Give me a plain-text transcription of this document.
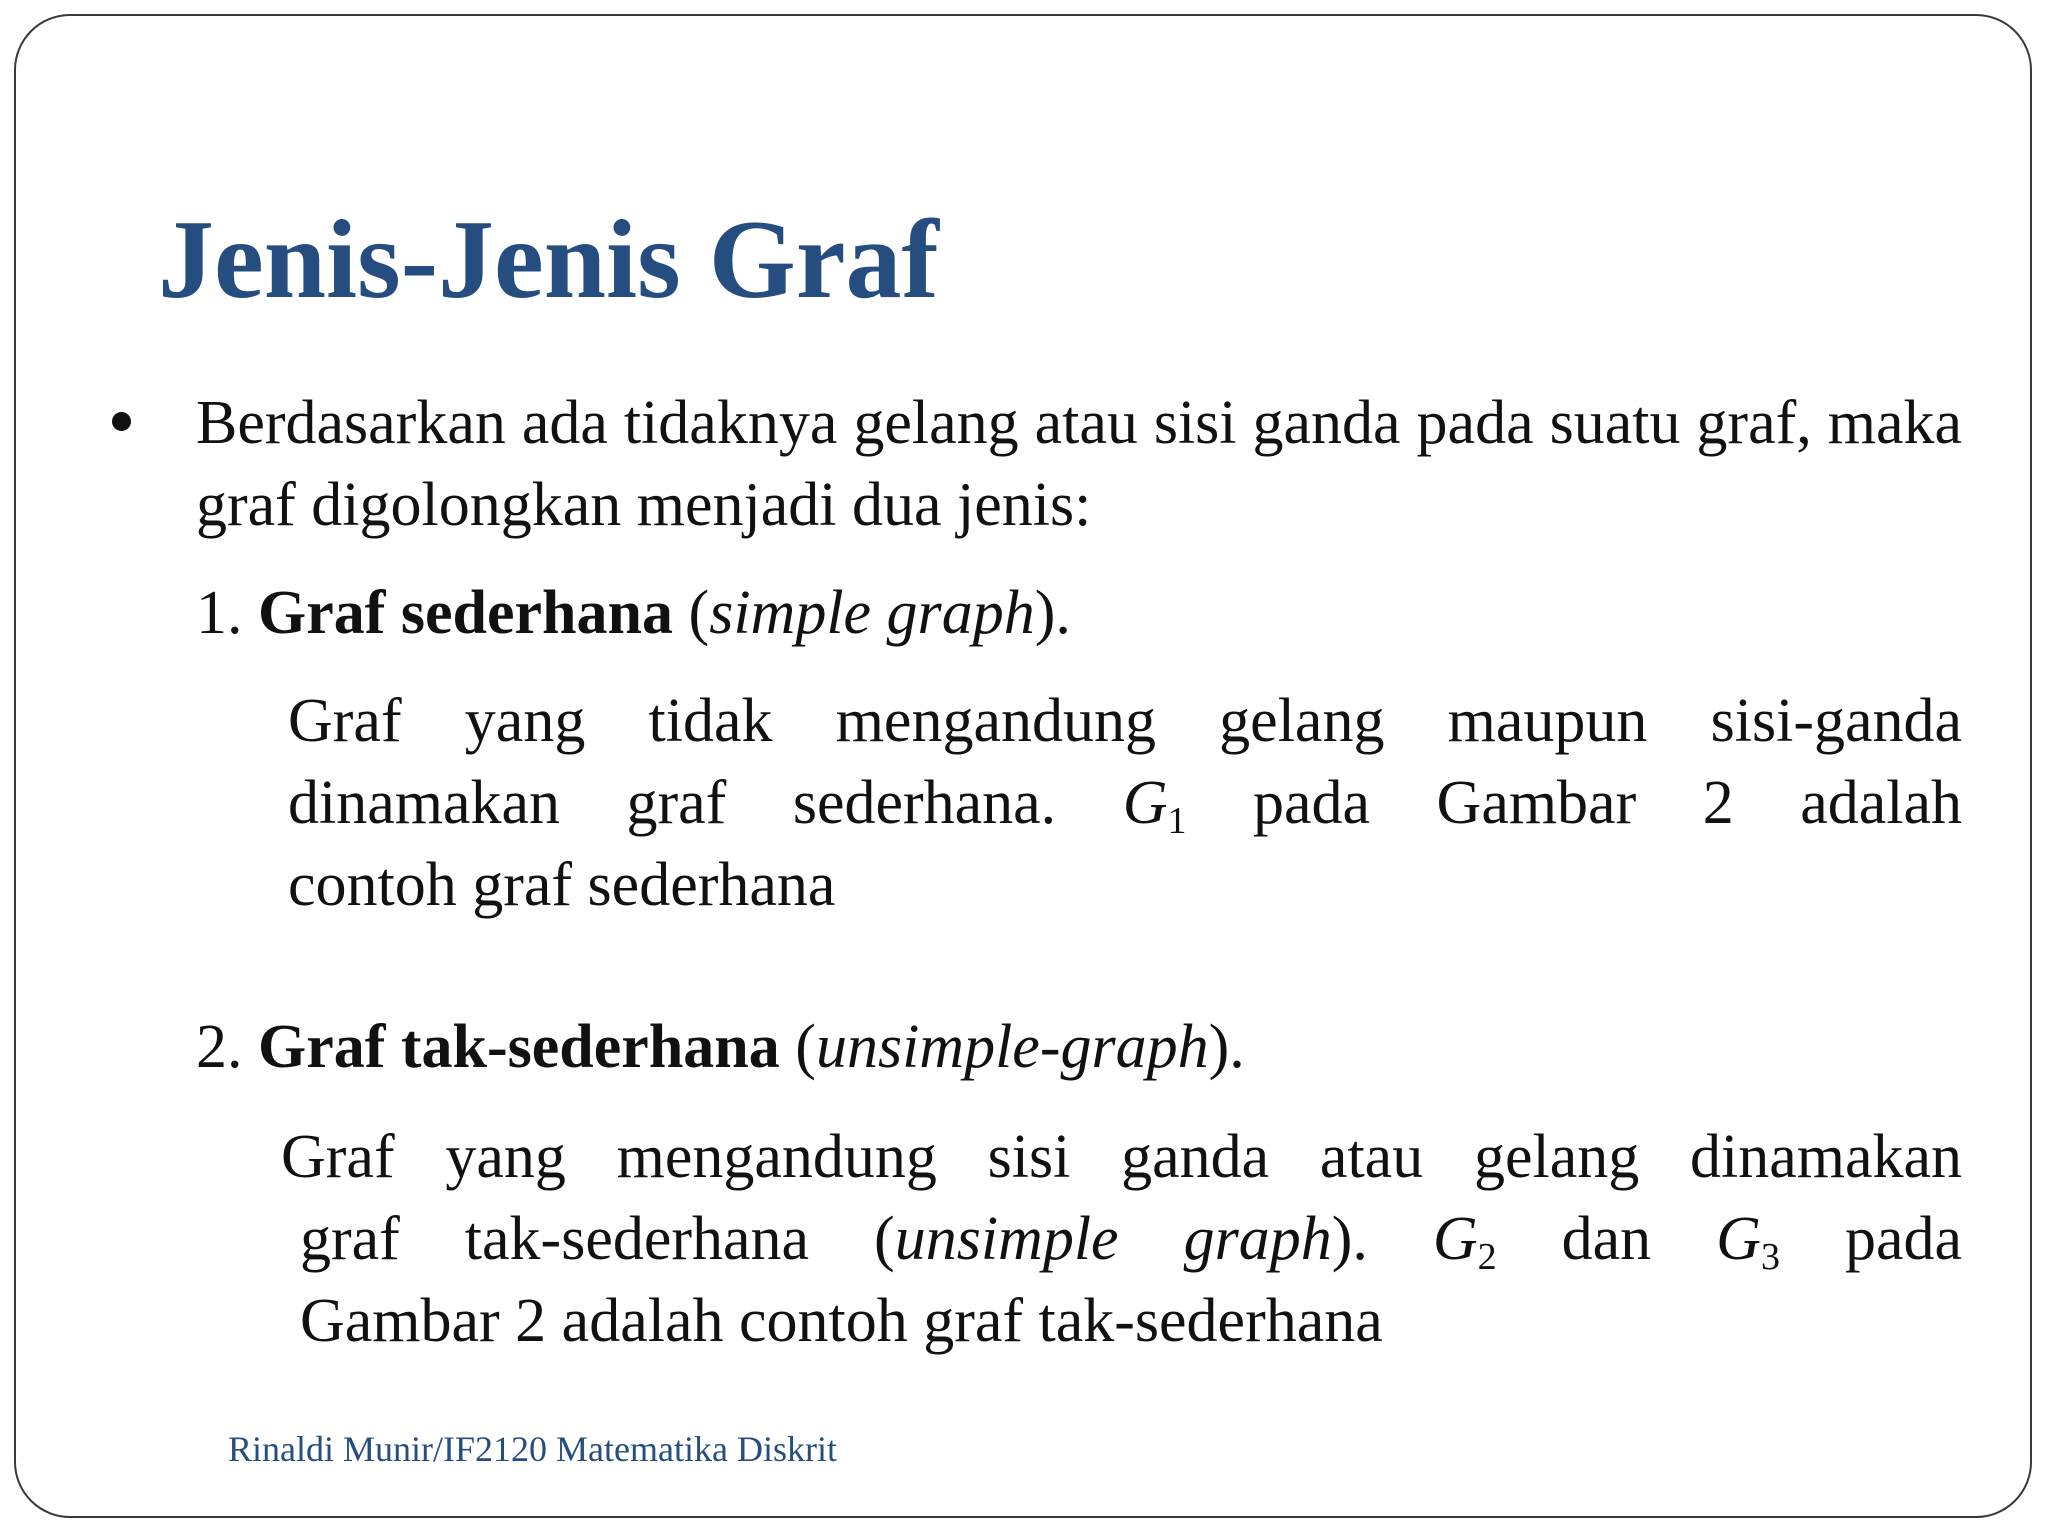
Jenis-Jenis Graf

Berdasarkan ada tidaknya gelang atau sisi ganda pada suatu graf, maka graf digolongkan menjadi dua jenis:

1. Graf sederhana (simple graph).

Graf yang tidak mengandung gelang maupun sisi-ganda
dinamakan graf sederhana. $G_1$ pada Gambar 2 adalah
contoh graf sederhana

2. Graf tak-sederhana (unsimple-graph).

Graf yang mengandung sisi ganda atau gelang dinamakan
graf tak-sederhana (unsimple graph). $G_2$ dan $G_3$ pada
Gambar 2 adalah contoh graf tak-sederhana

Rinaldi Munir/IF2120 Matematika Diskrit
